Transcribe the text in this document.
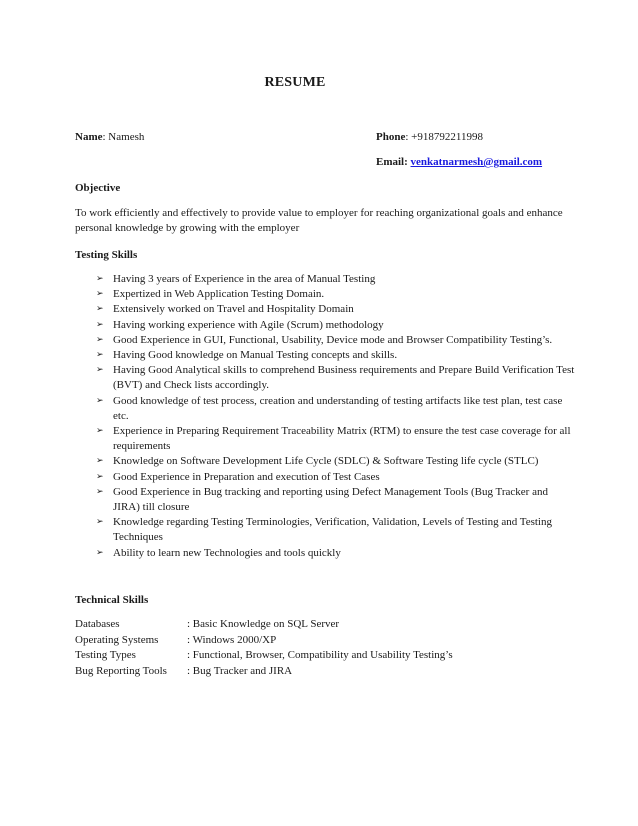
RESUME
Name: Namesh	Phone: +918792211998
Email: venkatnarmesh@gmail.com
Objective
To work efficiently and effectively to provide value to employer for reaching organizational goals and enhance personal knowledge by growing with the employer
Testing Skills
➢ Having 3 years of Experience in the area of Manual Testing
➢ Expertized in Web Application Testing Domain.
➢ Extensively worked on Travel and Hospitality Domain
➢ Having working experience with Agile (Scrum) methodology
➢ Good Experience in GUI, Functional, Usability, Device mode and Browser Compatibility Testing’s.
➢ Having Good knowledge on Manual Testing concepts and skills.
➢ Having Good Analytical skills to comprehend Business requirements and Prepare Build Verification Test (BVT) and Check lists accordingly.
➢ Good knowledge of test process, creation and understanding of testing artifacts like test plan, test case etc.
➢ Experience in Preparing Requirement Traceability Matrix (RTM) to ensure the test case coverage for all requirements
➢ Knowledge on Software Development Life Cycle (SDLC) & Software Testing life cycle (STLC)
➢ Good Experience in Preparation and execution of Test Cases
➢ Good Experience in Bug tracking and reporting using Defect Management Tools (Bug Tracker and JIRA) till closure
➢ Knowledge regarding Testing Terminologies, Verification, Validation, Levels of Testing and Testing Techniques
➢ Ability to learn new Technologies and tools quickly
Technical Skills
Databases	: Basic Knowledge on SQL Server
Operating Systems	: Windows 2000/XP
Testing Types	: Functional, Browser, Compatibility and Usability Testing’s
Bug Reporting Tools	: Bug Tracker and JIRA
